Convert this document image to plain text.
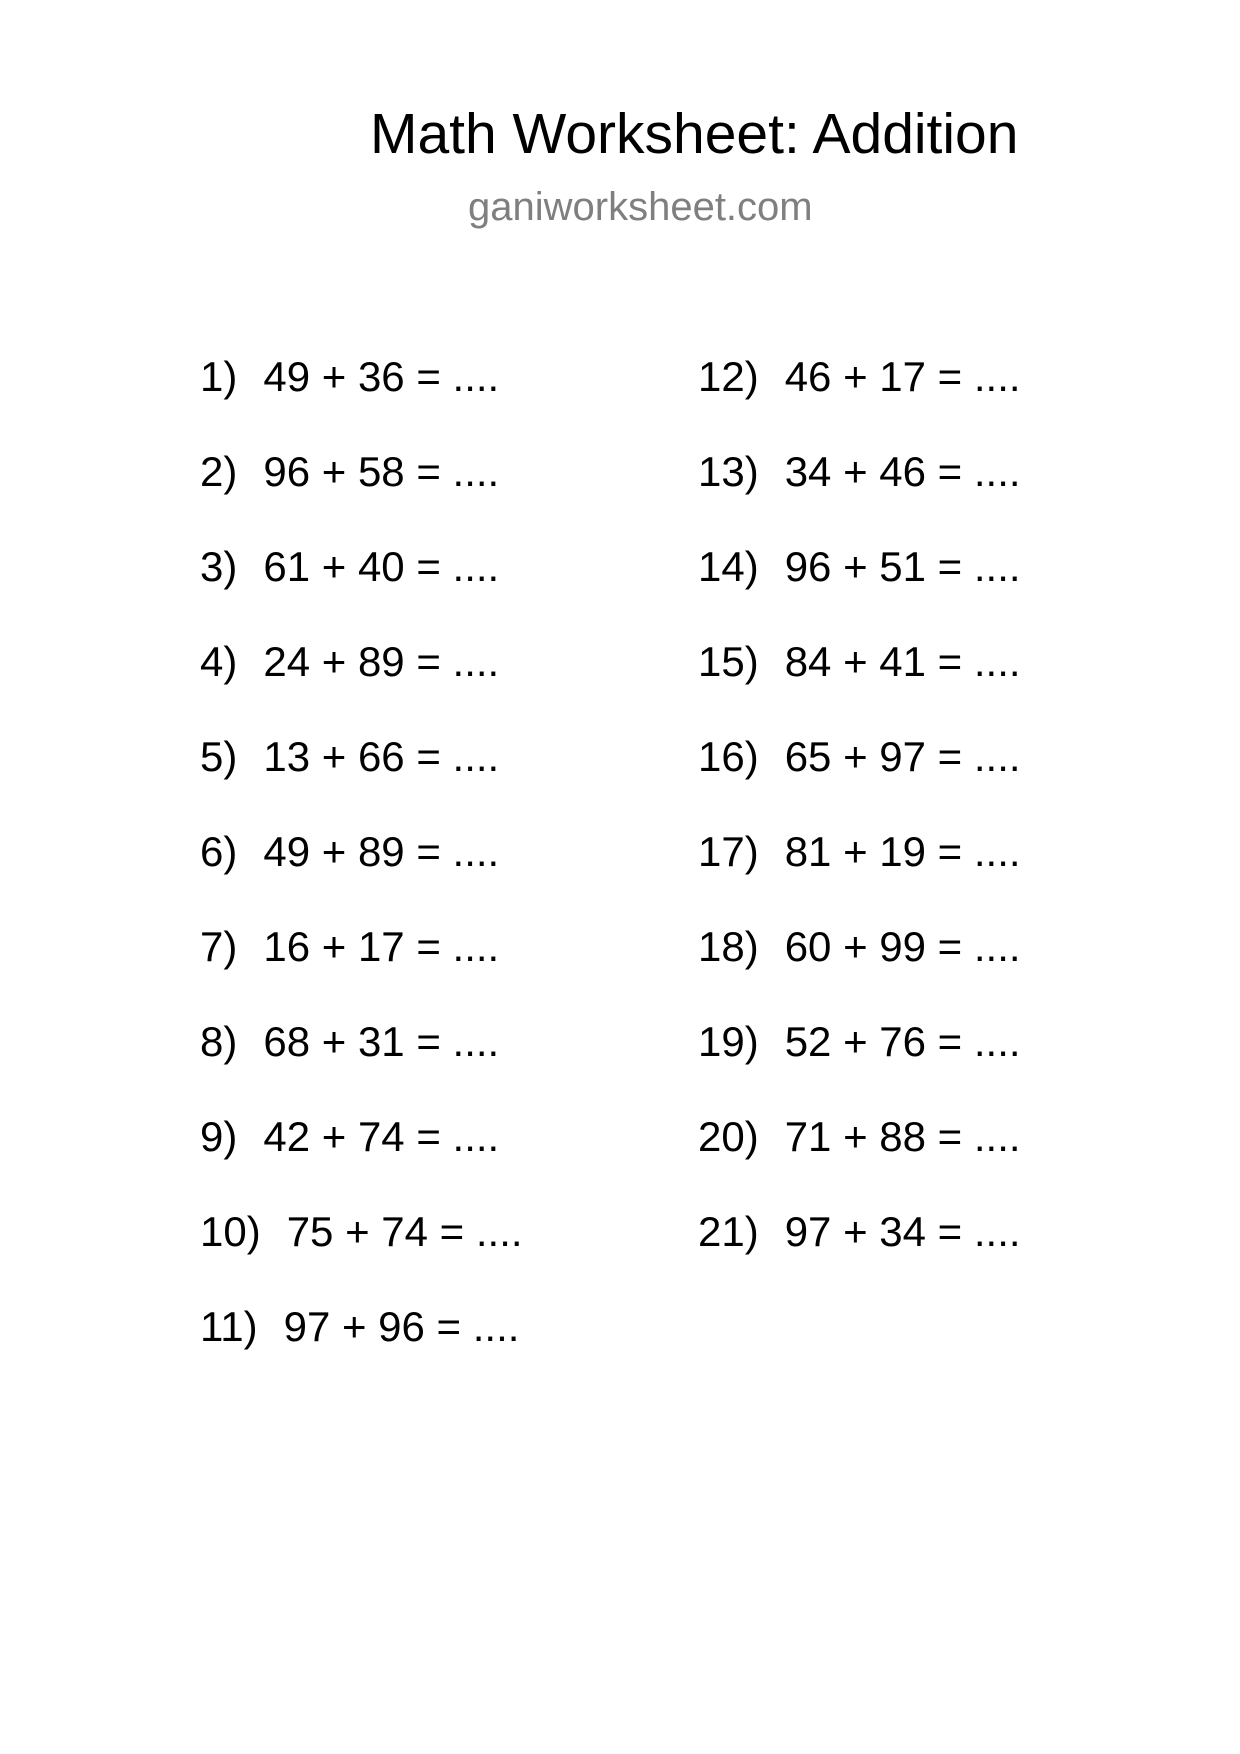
Math Worksheet: Addition
ganiworksheet.com
1) 49 + 36 = ....
2) 96 + 58 = ....
3) 61 + 40 = ....
4) 24 + 89 = ....
5) 13 + 66 = ....
6) 49 + 89 = ....
7) 16 + 17 = ....
8) 68 + 31 = ....
9) 42 + 74 = ....
10) 75 + 74 = ....
11) 97 + 96 = ....
12) 46 + 17 = ....
13) 34 + 46 = ....
14) 96 + 51 = ....
15) 84 + 41 = ....
16) 65 + 97 = ....
17) 81 + 19 = ....
18) 60 + 99 = ....
19) 52 + 76 = ....
20) 71 + 88 = ....
21) 97 + 34 = ....
